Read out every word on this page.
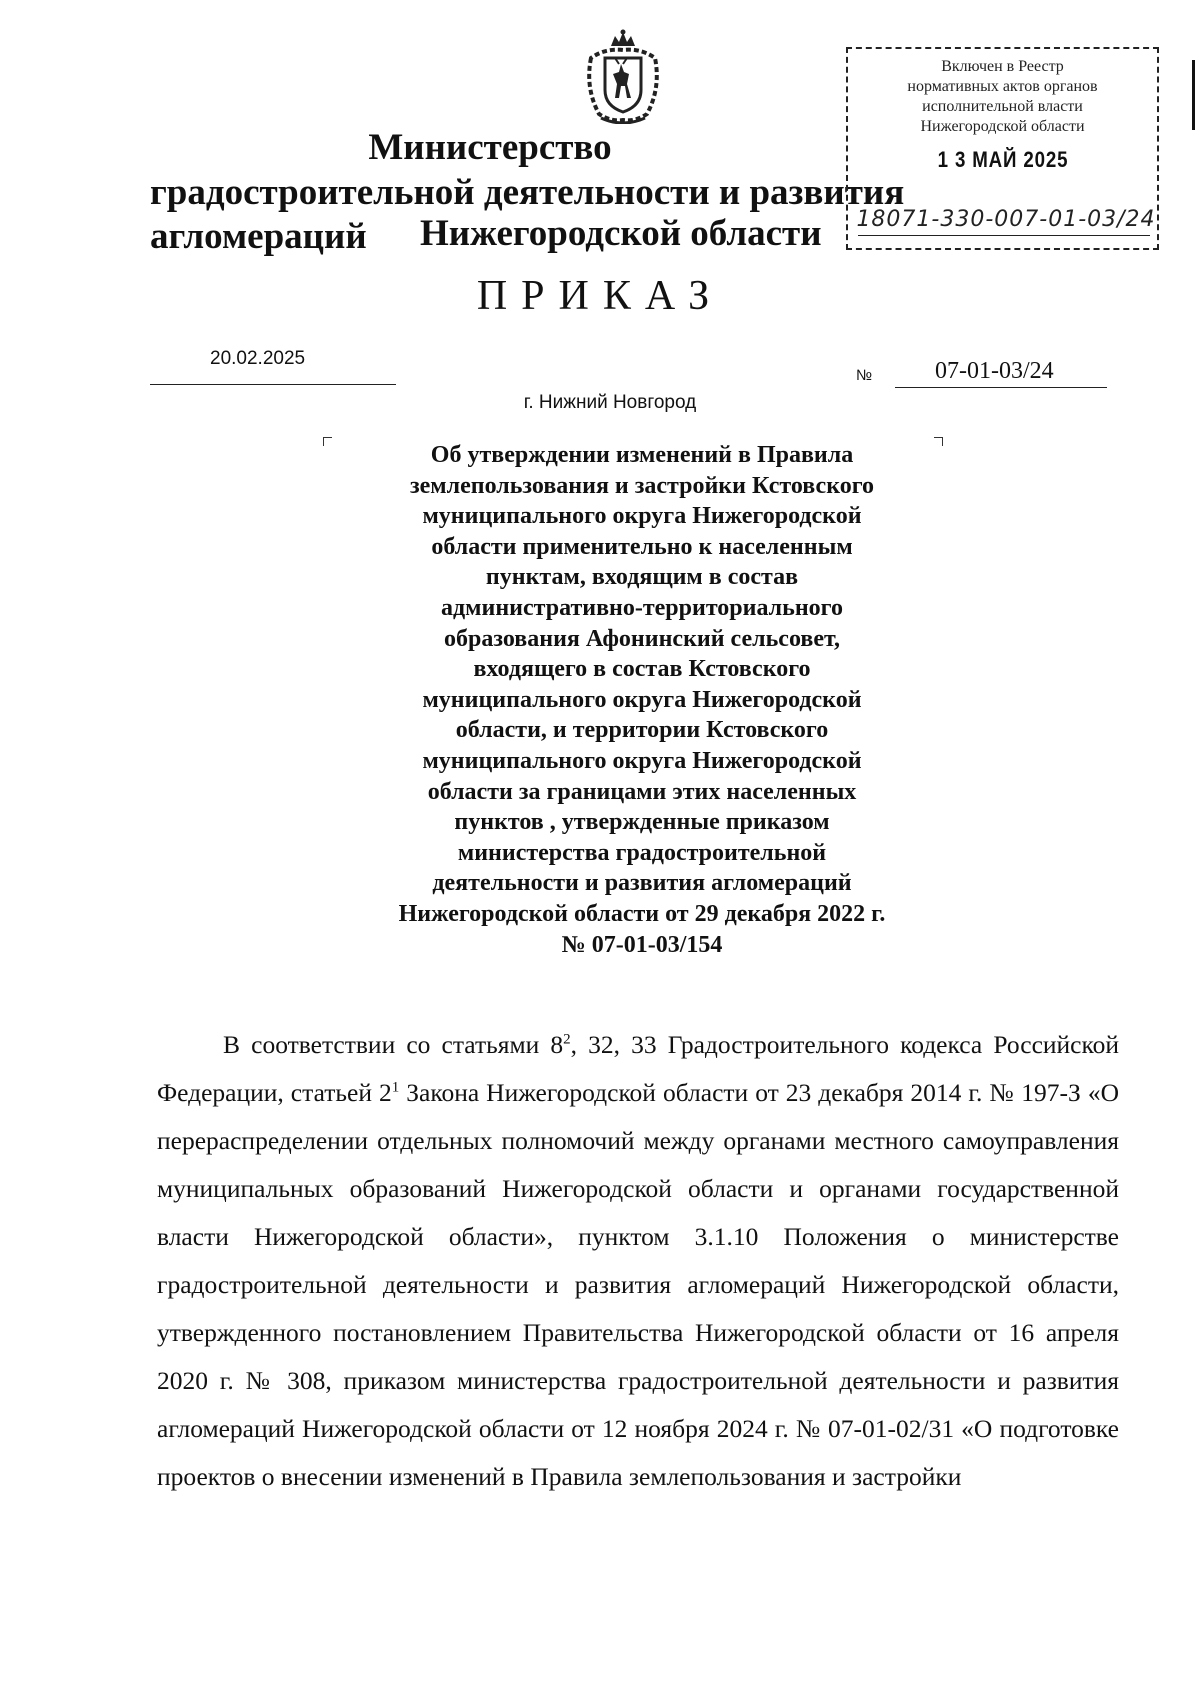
Министерство
градостроительной деятельности и развития агломераций	Нижегородской области
Включен в Реестр
нормативных актов органов
исполнительной власти
Нижегородской области
1 3 МАЙ 2025
18071-330-007-01-03/24
ПРИКАЗ
20.02.2025
№	07-01-03/24
г. Нижний Новгород
Об утверждении изменений в Правила
землепользования и застройки Кстовского
муниципального округа Нижегородской
области применительно к населенным
пунктам, входящим в состав
административно-территориального
образования Афонинский сельсовет,
входящего в состав Кстовского
муниципального округа Нижегородской
области, и территории Кстовского
муниципального округа Нижегородской
области за границами этих населенных
пунктов , утвержденные приказом
министерства градостроительной
деятельности и развития агломераций
Нижегородской области от 29 декабря 2022 г.
№ 07-01-03/154

В соответствии со статьями $8^2$, 32, 33 Градостроительного кодекса Российской Федерации, статьей $2^1$ Закона Нижегородской области от 23 декабря 2014 г. № 197-З «О перераспределении отдельных полномочий между органами местного самоуправления муниципальных образований Нижегородской области и органами государственной власти Нижегородской области», пунктом 3.1.10 Положения о министерстве градостроительной деятельности и развития агломераций Нижегородской области, утвержденного постановлением Правительства Нижегородской области от 16 апреля 2020 г. № 308, приказом министерства градостроительной деятельности и развития агломераций Нижегородской области от 12 ноября 2024 г. № 07-01-02/31 «О подготовке проектов о внесении изменений в Правила землепользования и застройки
